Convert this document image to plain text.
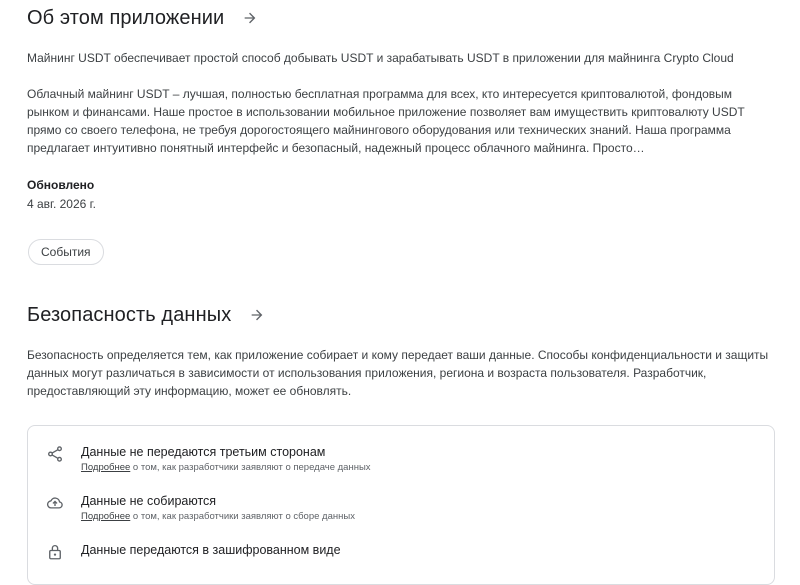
Об этом приложении
Майнинг USDT обеспечивает простой способ добывать USDT и зарабатывать USDT в приложении для майнинга Crypto Cloud
Облачный майнинг USDT – лучшая, полностью бесплатная программа для всех, кто интересуется криптовалютой, фондовым рынком и финансами. Наше простое в использовании мобильное приложение позволяет вам имуществить криптовалюту USDT прямо со своего телефона, не требуя дорогостоящего майнингового оборудования или технических знаний. Наша программа предлагает интуитивно понятный интерфейс и безопасный, надежный процесс облачного майнинга. Просто…
Обновлено
4 авг. 2026 г.
События
Безопасность данных
Безопасность определяется тем, как приложение собирает и кому передает ваши данные. Способы конфиденциальности и защиты данных могут различаться в зависимости от использования приложения, региона и возраста пользователя. Разработчик, предоставляющий эту информацию, может ее обновлять.
Данные не передаются третьим сторонам
Подробнее о том, как разработчики заявляют о передаче данных
Данные не собираются
Подробнее о том, как разработчики заявляют о сборе данных
Данные передаются в зашифрованном виде
